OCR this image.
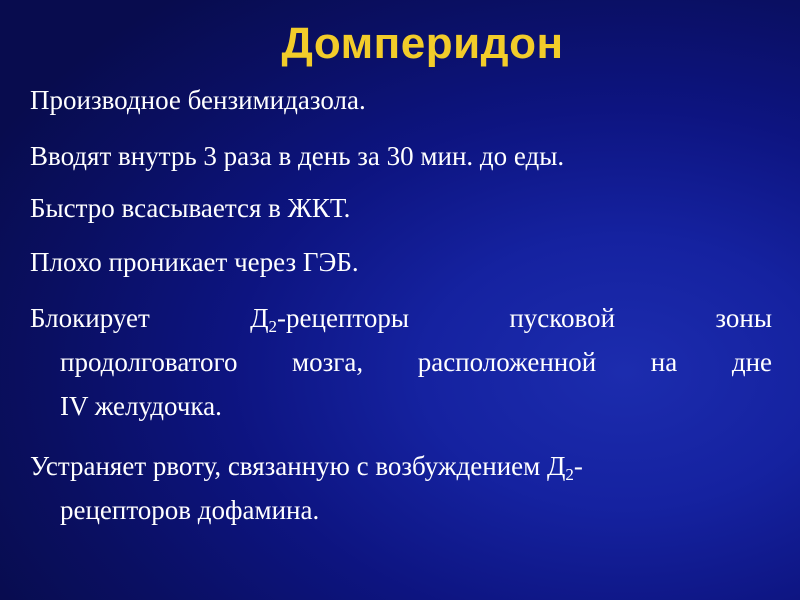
Домперидон

Производное бензимидазола.

Вводят внутрь 3 раза в день за 30 мин. до еды.

Быстро всасывается в ЖКТ.

Плохо проникает через ГЭБ.

Блокирует	$Д_2$-рецепторы	пусковой	зоны
продолговатого мозга, расположенной на дне
IV желудочка.
Устраняет рвоту, связанную с возбуждением $Д_2-$
рецепторов дофамина.
